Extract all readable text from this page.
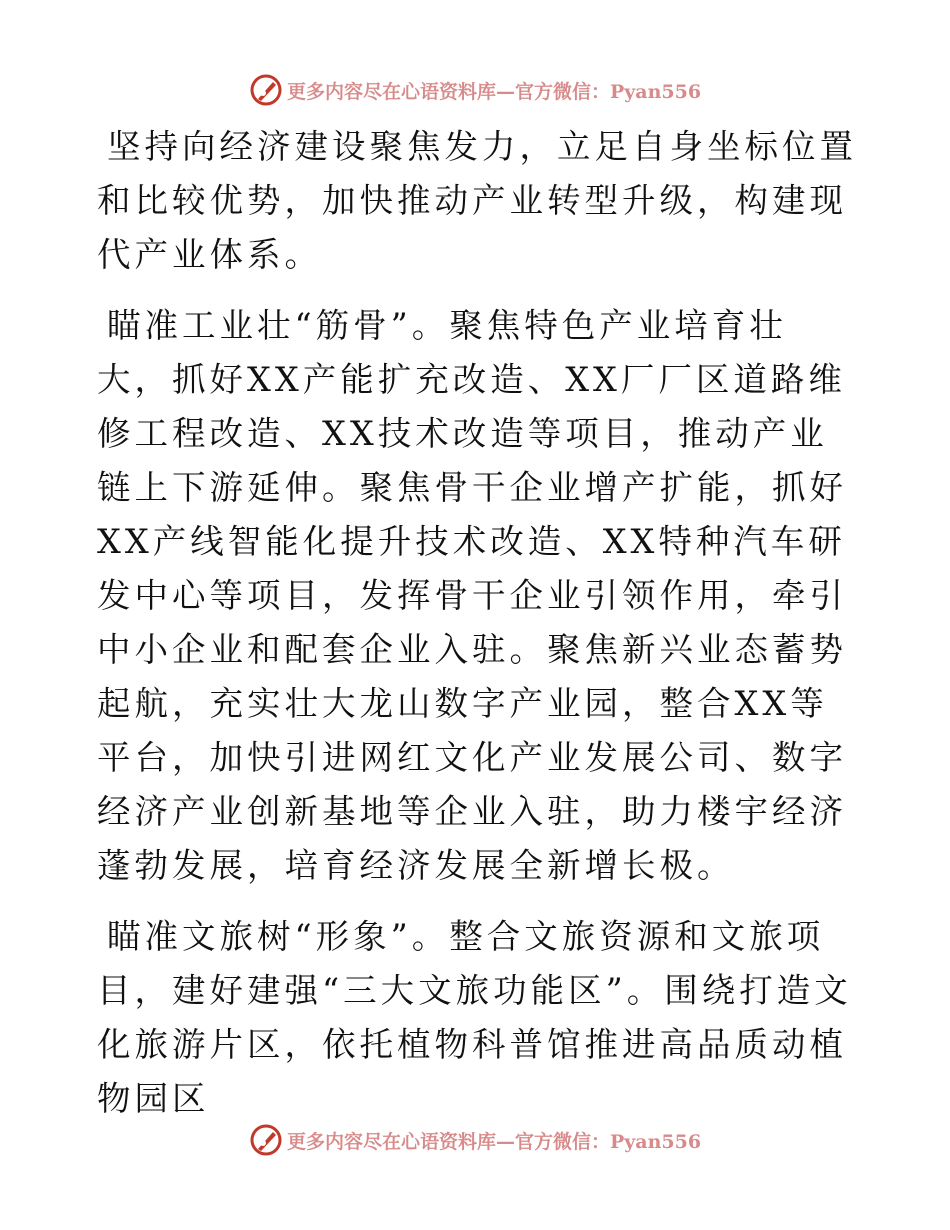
更多内容尽在心语资料库—官方微信：Pyan556

坚持向经济建设聚焦发力，立足自身坐标位置和比较优势，加快推动产业转型升级，构建现代产业体系。

瞄准工业壮“筋骨”。聚焦特色产业培育壮大，抓好XX产能扩充改造、XX厂厂区道路维修工程改造、XX技术改造等项目，推动产业链上下游延伸。聚焦骨干企业增产扩能，抓好XX产线智能化提升技术改造、XX特种汽车研发中心等项目，发挥骨干企业引领作用，牵引中小企业和配套企业入驻。聚焦新兴业态蓄势起航，充实壮大龙山数字产业园，整合XX等平台，加快引进网红文化产业发展公司、数字经济产业创新基地等企业入驻，助力楼宇经济蓬勃发展，培育经济发展全新增长极。

瞄准文旅树“形象”。整合文旅资源和文旅项目，建好建强“三大文旅功能区”。围绕打造文化旅游片区，依托植物科普馆推进高品质动植物园区

更多内容尽在心语资料库—官方微信：Pyan556
